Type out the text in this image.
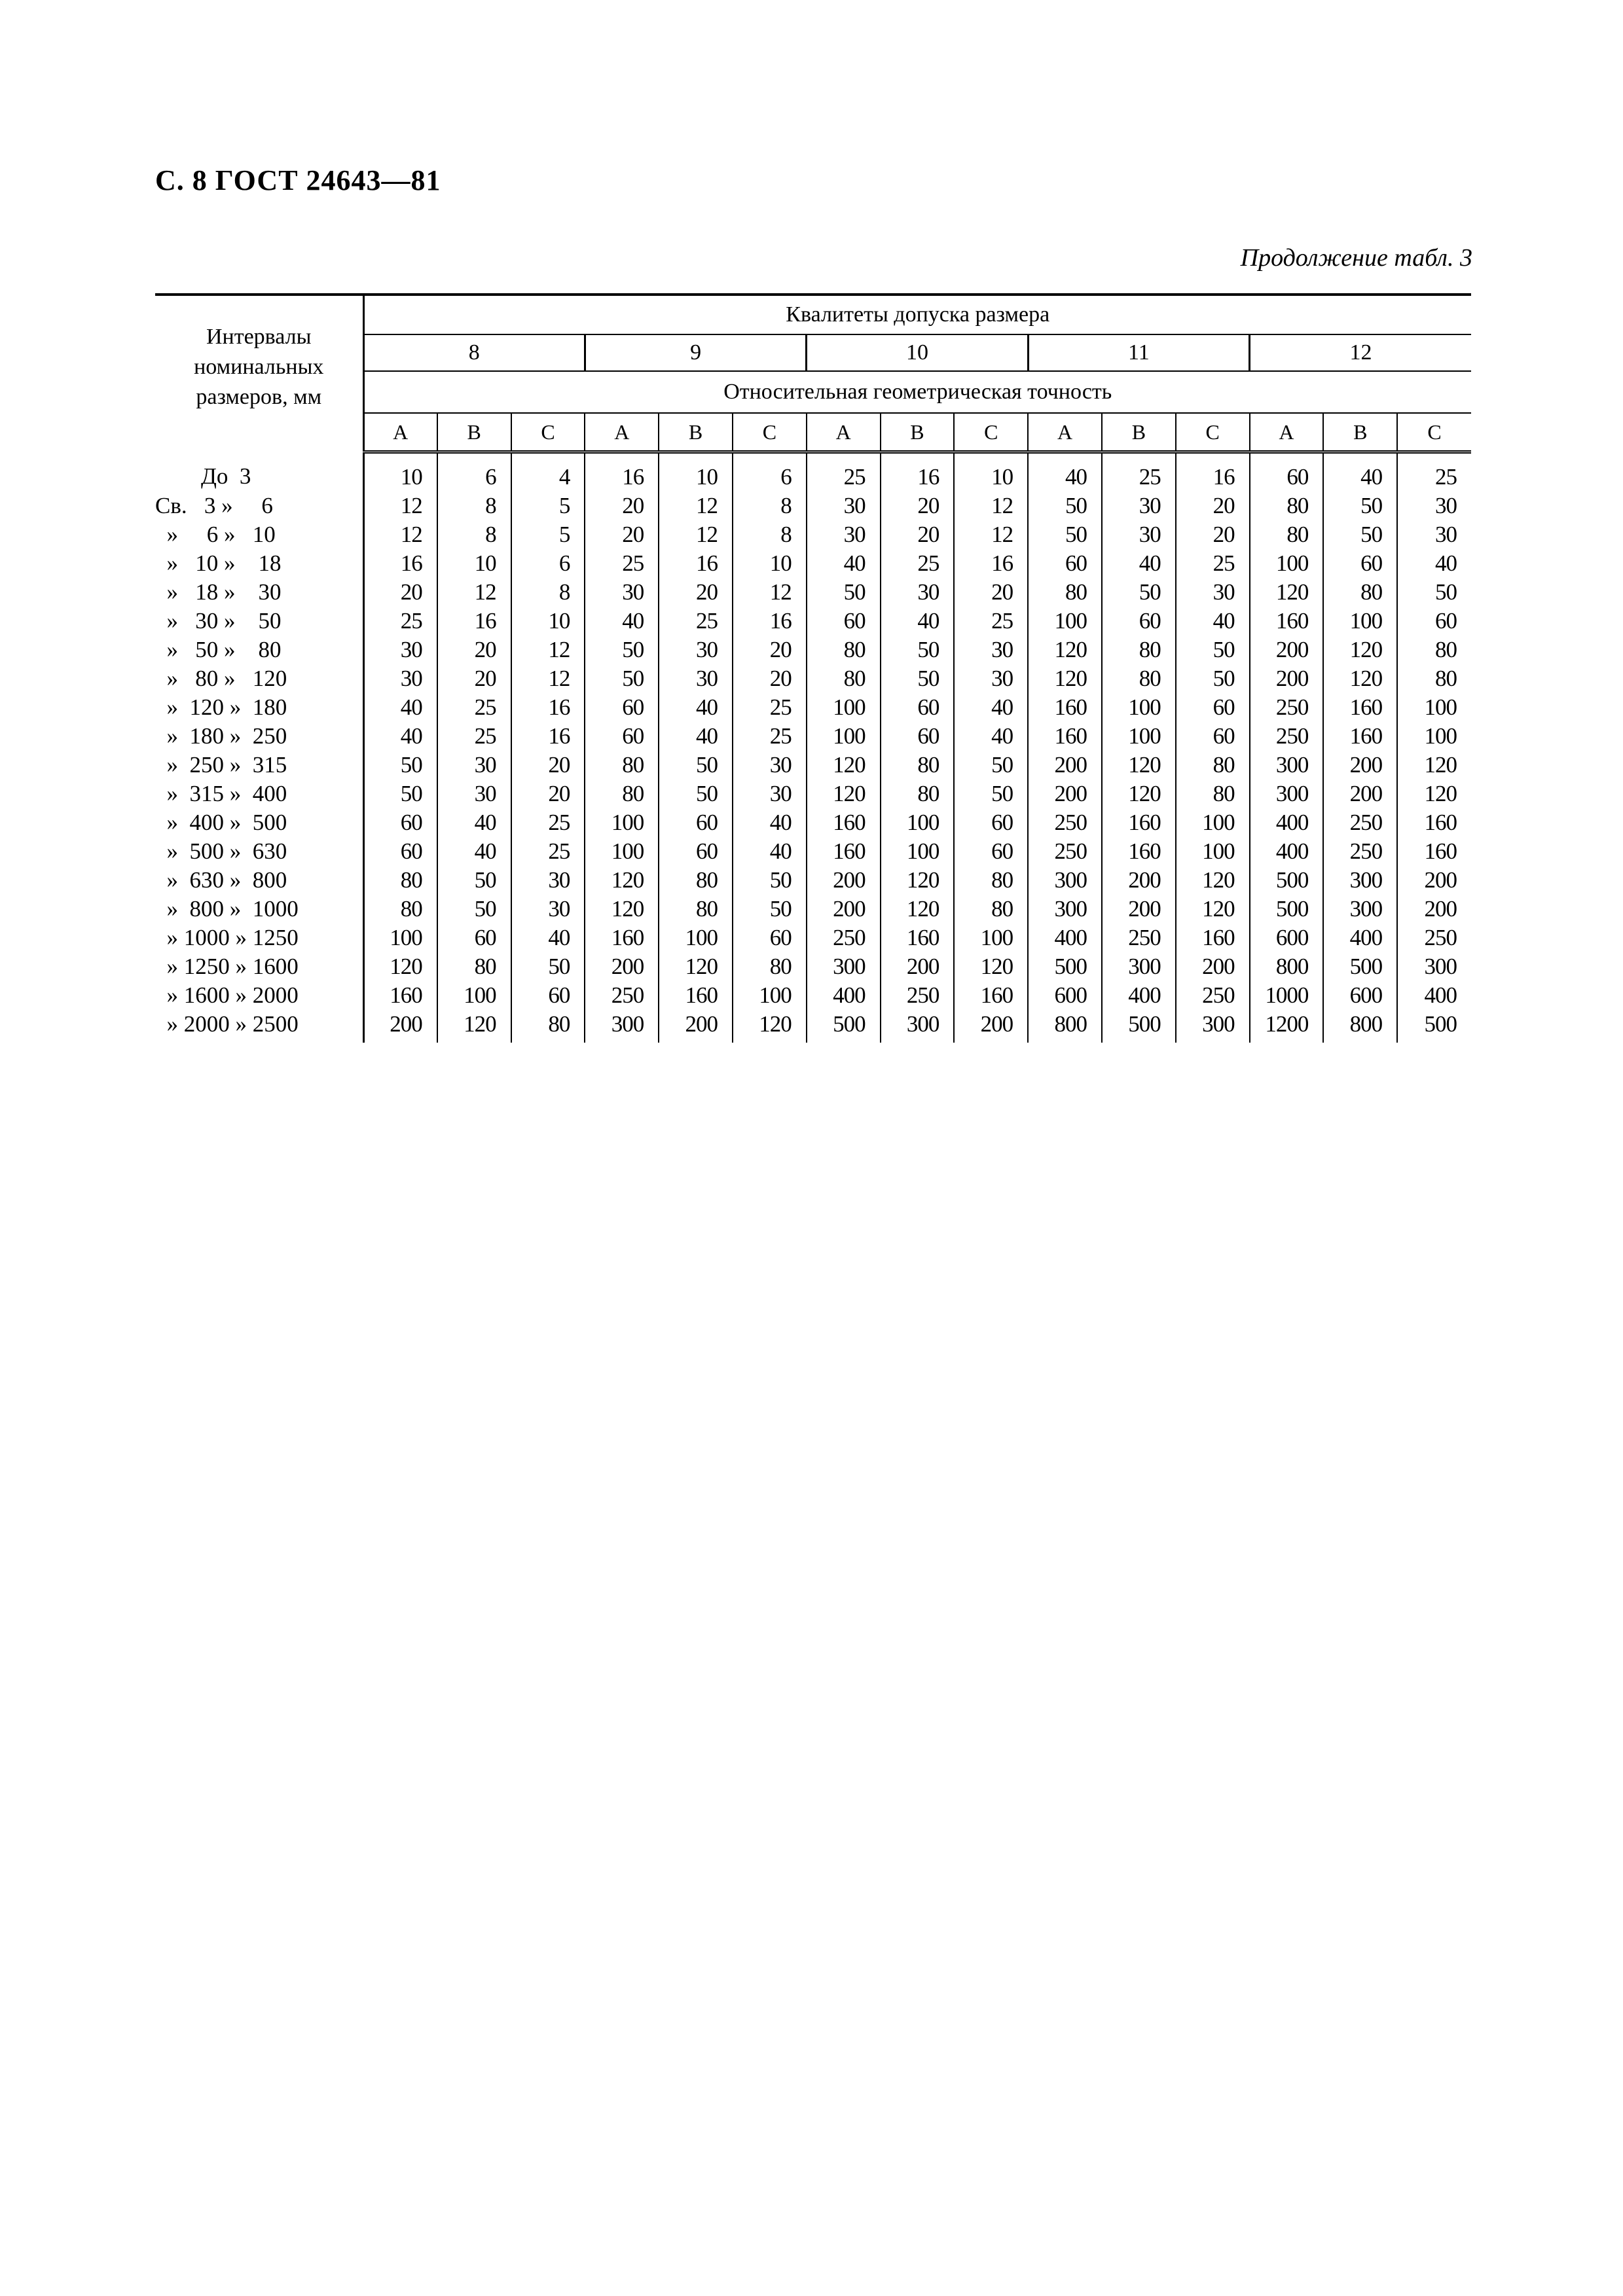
С. 8 ГОСТ 24643—81
Продолжение табл. 3
Интервалы номинальных размеров, мм	Квалитеты допуска размера														
	8			9			10			11			12		
	Относительная геометрическая точность														
	А	В	С	А	В	С	А	В	С	А	В	С	А	В	С
До  3	10	6	4	16	10	6	25	16	10	40	25	16	60	40	25
Св.   3 »     6	12	8	5	20	12	8	30	20	12	50	30	20	80	50	30
»     6 »   10	12	8	5	20	12	8	30	20	12	50	30	20	80	50	30
»   10 »    18	16	10	6	25	16	10	40	25	16	60	40	25	100	60	40
»   18 »    30	20	12	8	30	20	12	50	30	20	80	50	30	120	80	50
»   30 »    50	25	16	10	40	25	16	60	40	25	100	60	40	160	100	60
»   50 »    80	30	20	12	50	30	20	80	50	30	120	80	50	200	120	80
»   80 »   120	30	20	12	50	30	20	80	50	30	120	80	50	200	120	80
»  120 »  180	40	25	16	60	40	25	100	60	40	160	100	60	250	160	100
»  180 »  250	40	25	16	60	40	25	100	60	40	160	100	60	250	160	100
»  250 »  315	50	30	20	80	50	30	120	80	50	200	120	80	300	200	120
»  315 »  400	50	30	20	80	50	30	120	80	50	200	120	80	300	200	120
»  400 »  500	60	40	25	100	60	40	160	100	60	250	160	100	400	250	160
»  500 »  630	60	40	25	100	60	40	160	100	60	250	160	100	400	250	160
»  630 »  800	80	50	30	120	80	50	200	120	80	300	200	120	500	300	200
»  800 »  1000	80	50	30	120	80	50	200	120	80	300	200	120	500	300	200
» 1000 » 1250	100	60	40	160	100	60	250	160	100	400	250	160	600	400	250
» 1250 » 1600	120	80	50	200	120	80	300	200	120	500	300	200	800	500	300
» 1600 » 2000	160	100	60	250	160	100	400	250	160	600	400	250	1000	600	400
» 2000 » 2500	200	120	80	300	200	120	500	300	200	800	500	300	1200	800	500
